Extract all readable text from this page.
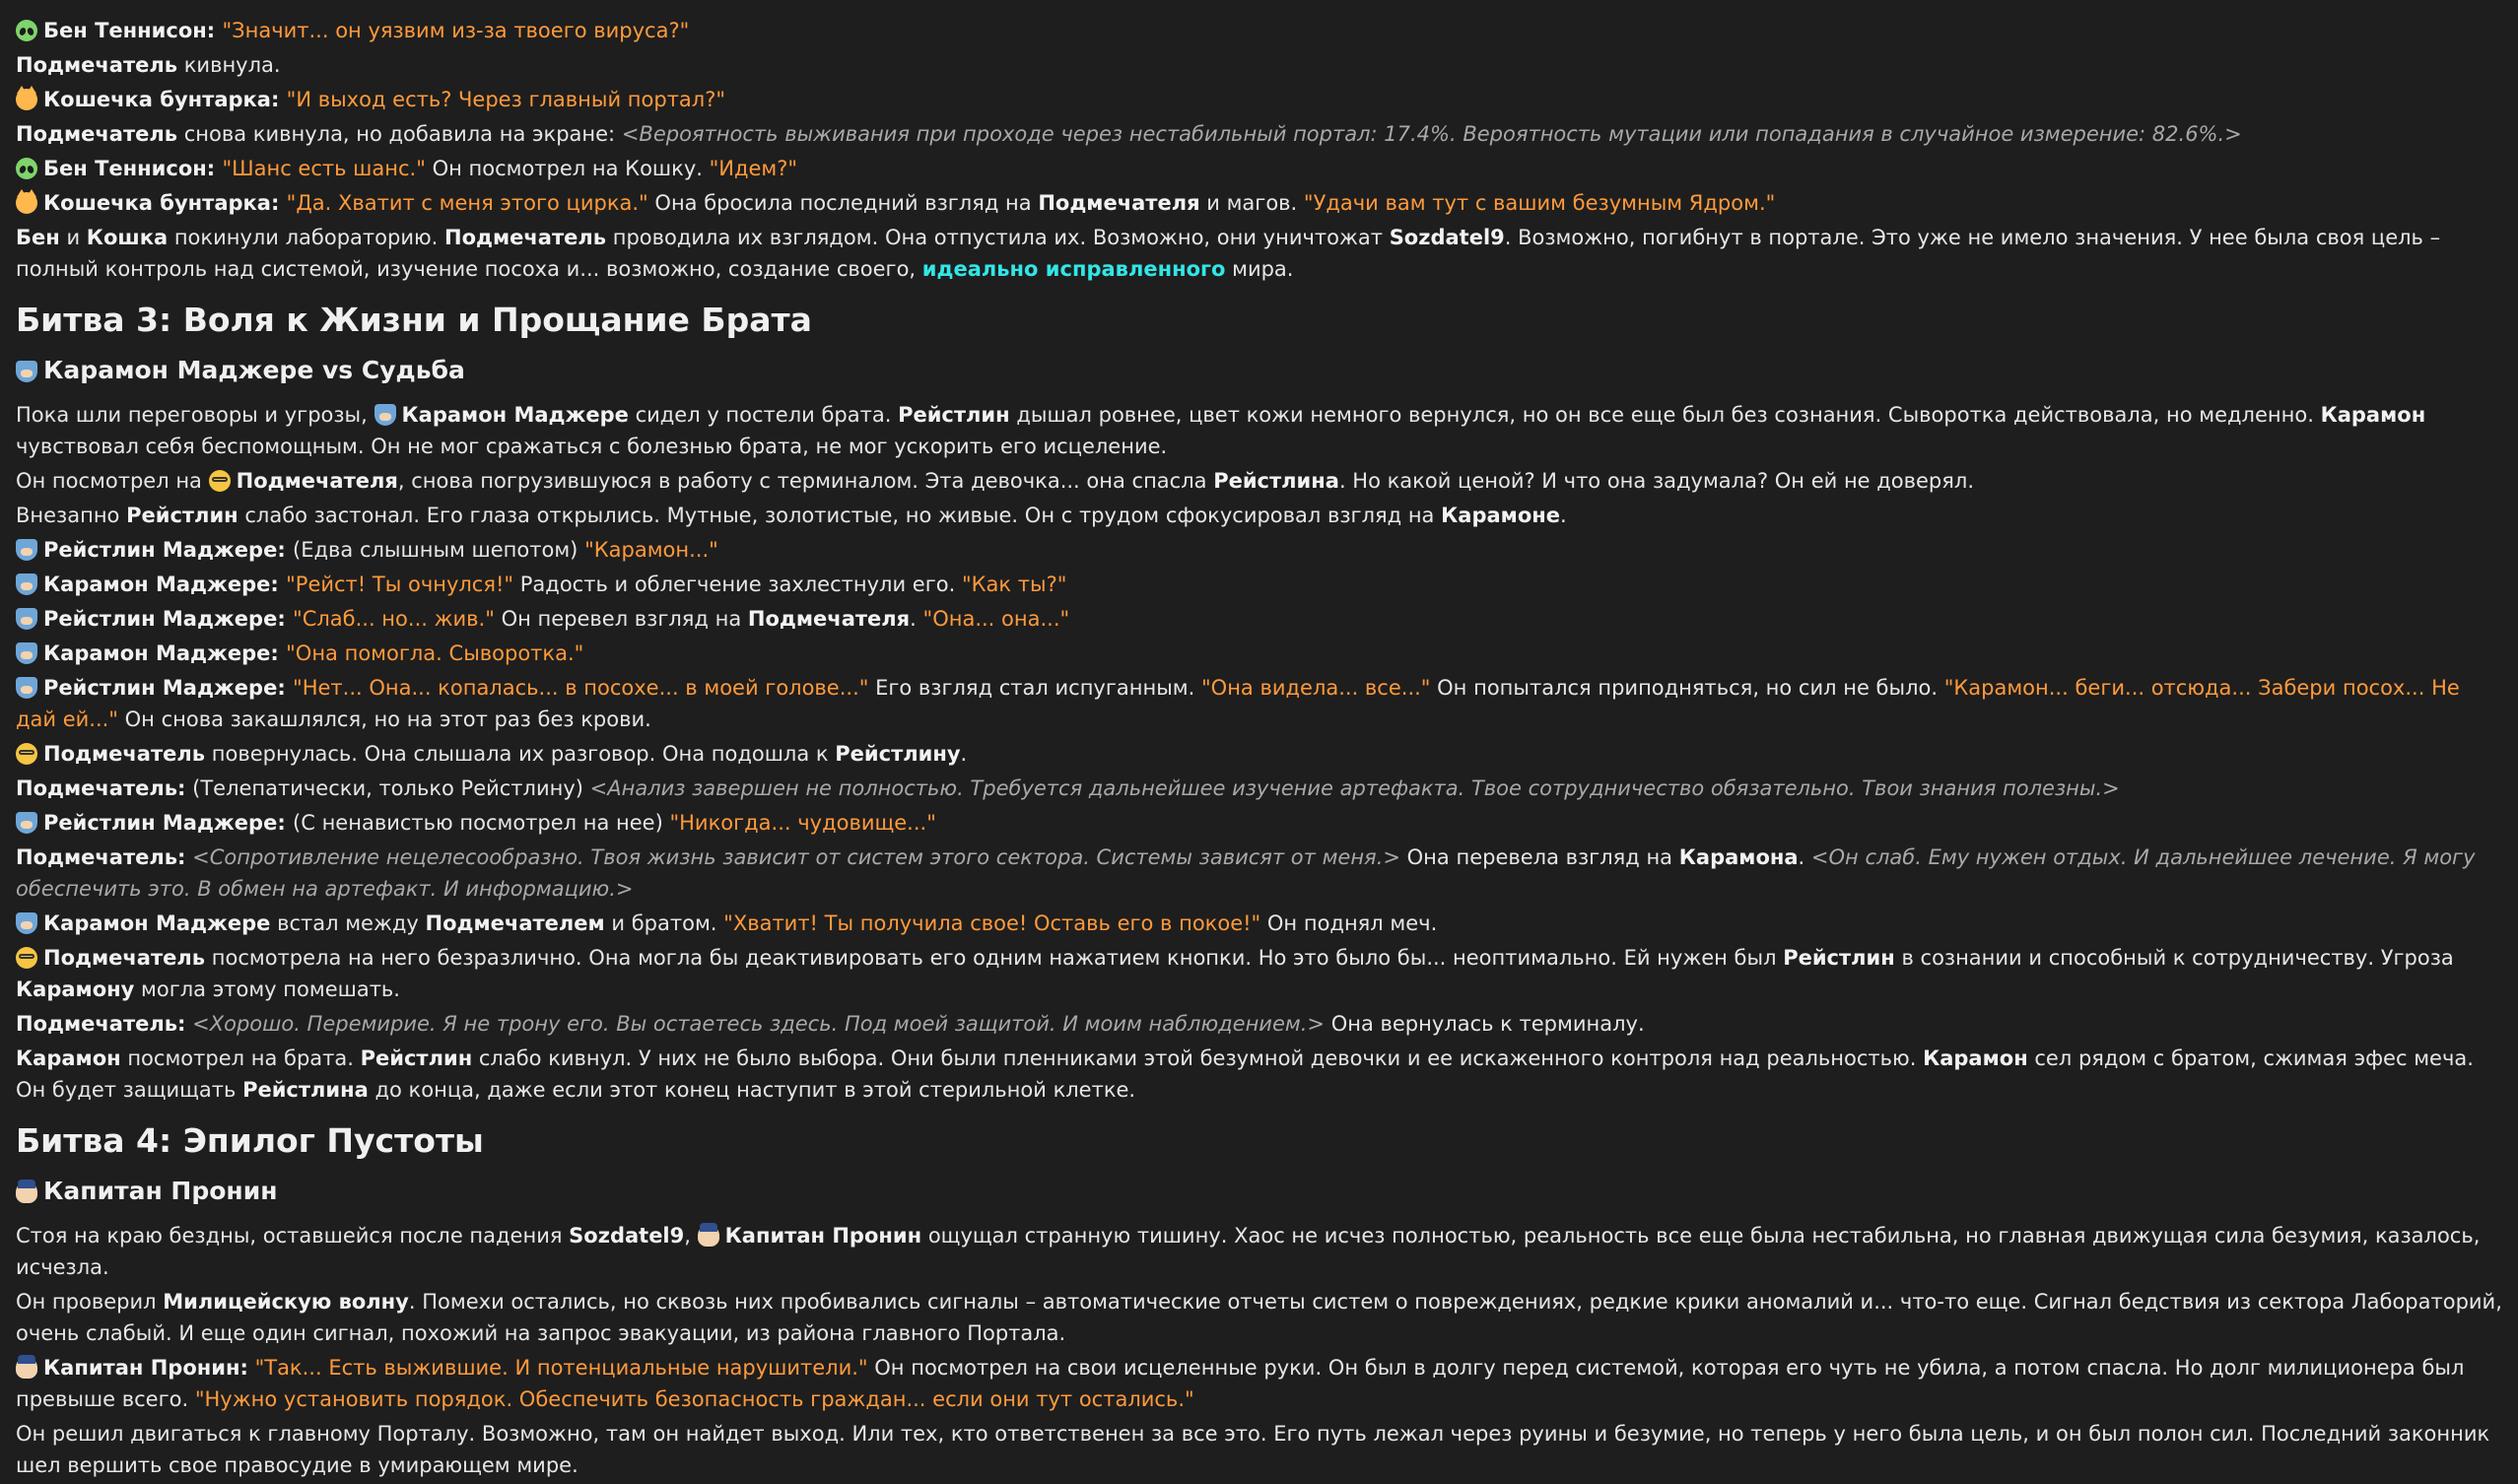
Бен Теннисон: "Значит... он уязвим из-за твоего вируса?"

Подмечатель кивнула.

Кошечка бунтарка: "И выход есть? Через главный портал?"

Подмечатель снова кивнула, но добавила на экране: <Вероятность выживания при проходе через нестабильный портал: 17.4%. Вероятность мутации или попадания в случайное измерение: 82.6%.>

Бен Теннисон: "Шанс есть шанс." Он посмотрел на Кошку. "Идем?"

Кошечка бунтарка: "Да. Хватит с меня этого цирка." Она бросила последний взгляд на Подмечателя и магов. "Удачи вам тут с вашим безумным Ядром."

Бен и Кошка покинули лабораторию. Подмечатель проводила их взглядом. Она отпустила их. Возможно, они уничтожат Sozdatel9. Возможно, погибнут в портале. Это уже не имело значения. У нее была своя цель – полный контроль над системой, изучение посоха и... возможно, создание своего, идеально исправленного мира.

Битва 3: Воля к Жизни и Прощание Брата
Карамон Маджере vs Судьба

Пока шли переговоры и угрозы, Карамон Маджере сидел у постели брата. Рейстлин дышал ровнее, цвет кожи немного вернулся, но он все еще был без сознания. Сыворотка действовала, но медленно. Карамон чувствовал себя беспомощным. Он не мог сражаться с болезнью брата, не мог ускорить его исцеление.

Он посмотрел на Подмечателя, снова погрузившуюся в работу с терминалом. Эта девочка... она спасла Рейстлина. Но какой ценой? И что она задумала? Он ей не доверял.

Внезапно Рейстлин слабо застонал. Его глаза открылись. Мутные, золотистые, но живые. Он с трудом сфокусировал взгляд на Карамоне.

Рейстлин Маджере: (Едва слышным шепотом) "Карамон..."

Карамон Маджере: "Рейст! Ты очнулся!" Радость и облегчение захлестнули его. "Как ты?"

Рейстлин Маджере: "Слаб... но... жив." Он перевел взгляд на Подмечателя. "Она... она..."

Карамон Маджере: "Она помогла. Сыворотка."

Рейстлин Маджере: "Нет... Она... копалась... в посохе... в моей голове..." Его взгляд стал испуганным. "Она видела... все..." Он попытался приподняться, но сил не было. "Карамон... беги... отсюда... Забери посох... Не дай ей..." Он снова закашлялся, но на этот раз без крови.

Подмечатель повернулась. Она слышала их разговор. Она подошла к Рейстлину.

Подмечатель: (Телепатически, только Рейстлину) <Анализ завершен не полностью. Требуется дальнейшее изучение артефакта. Твое сотрудничество обязательно. Твои знания полезны.>

Рейстлин Маджере: (С ненавистью посмотрел на нее) "Никогда... чудовище..."

Подмечатель: <Сопротивление нецелесообразно. Твоя жизнь зависит от систем этого сектора. Системы зависят от меня.> Она перевела взгляд на Карамона. <Он слаб. Ему нужен отдых. И дальнейшее лечение. Я могу обеспечить это. В обмен на артефакт. И информацию.>

Карамон Маджере встал между Подмечателем и братом. "Хватит! Ты получила свое! Оставь его в покое!" Он поднял меч.

Подмечатель посмотрела на него безразлично. Она могла бы деактивировать его одним нажатием кнопки. Но это было бы... неоптимально. Ей нужен был Рейстлин в сознании и способный к сотрудничеству. Угроза Карамону могла этому помешать.

Подмечатель: <Хорошо. Перемирие. Я не трону его. Вы остаетесь здесь. Под моей защитой. И моим наблюдением.> Она вернулась к терминалу.

Карамон посмотрел на брата. Рейстлин слабо кивнул. У них не было выбора. Они были пленниками этой безумной девочки и ее искаженного контроля над реальностью. Карамон сел рядом с братом, сжимая эфес меча. Он будет защищать Рейстлина до конца, даже если этот конец наступит в этой стерильной клетке.

Битва 4: Эпилог Пустоты
Капитан Пронин

Стоя на краю бездны, оставшейся после падения Sozdatel9, Капитан Пронин ощущал странную тишину. Хаос не исчез полностью, реальность все еще была нестабильна, но главная движущая сила безумия, казалось, исчезла.

Он проверил Милицейскую волну. Помехи остались, но сквозь них пробивались сигналы – автоматические отчеты систем о повреждениях, редкие крики аномалий и... что-то еще. Сигнал бедствия из сектора Лабораторий, очень слабый. И еще один сигнал, похожий на запрос эвакуации, из района главного Портала.

Капитан Пронин: "Так... Есть выжившие. И потенциальные нарушители." Он посмотрел на свои исцеленные руки. Он был в долгу перед системой, которая его чуть не убила, а потом спасла. Но долг милиционера был превыше всего. "Нужно установить порядок. Обеспечить безопасность граждан... если они тут остались."

Он решил двигаться к главному Порталу. Возможно, там он найдет выход. Или тех, кто ответственен за все это. Его путь лежал через руины и безумие, но теперь у него была цель, и он был полон сил. Последний законник шел вершить свое правосудие в умирающем мире.
